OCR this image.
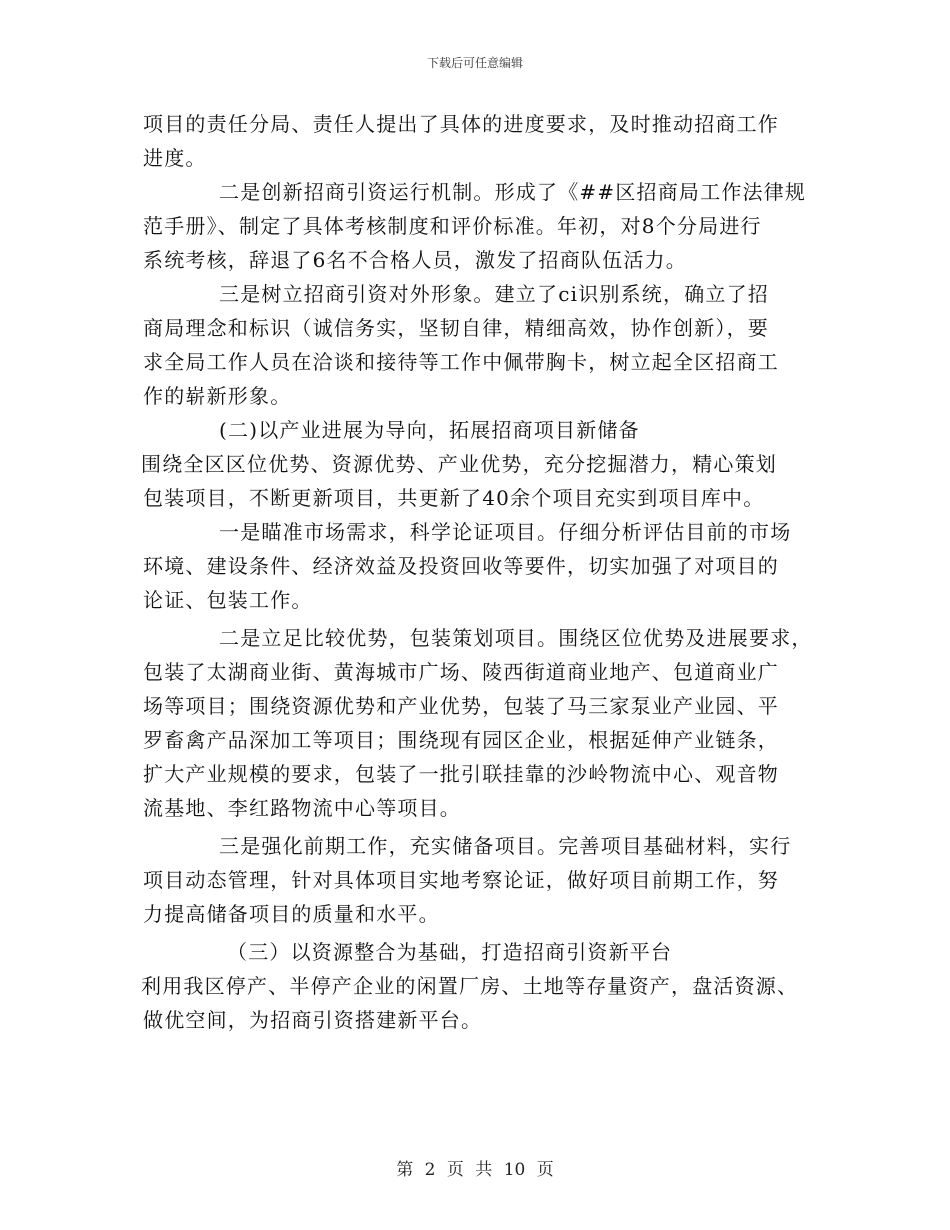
下载后可任意编辑
项目的责任分局、责任人提出了具体的进度要求，及时推动招商工作
进度。
二是创新招商引资运行机制。形成了《##区招商局工作法律规
范手册》、制定了具体考核制度和评价标准。年初，对8个分局进行
系统考核，辞退了6名不合格人员，激发了招商队伍活力。
三是树立招商引资对外形象。建立了ci识别系统，确立了招
商局理念和标识（诚信务实，坚韧自律，精细高效，协作创新），要
求全局工作人员在洽谈和接待等工作中佩带胸卡，树立起全区招商工
作的崭新形象。
(二)以产业进展为导向，拓展招商项目新储备
围绕全区区位优势、资源优势、产业优势，充分挖掘潜力，精心策划
包装项目，不断更新项目，共更新了40余个项目充实到项目库中。
一是瞄准市场需求，科学论证项目。仔细分析评估目前的市场
环境、建设条件、经济效益及投资回收等要件，切实加强了对项目的
论证、包装工作。
二是立足比较优势，包装策划项目。围绕区位优势及进展要求，
包装了太湖商业街、黄海城市广场、陵西街道商业地产、包道商业广
场等项目；围绕资源优势和产业优势，包装了马三家泵业产业园、平
罗畜禽产品深加工等项目；围绕现有园区企业，根据延伸产业链条，
扩大产业规模的要求，包装了一批引联挂靠的沙岭物流中心、观音物
流基地、李红路物流中心等项目。
三是强化前期工作，充实储备项目。完善项目基础材料，实行
项目动态管理，针对具体项目实地考察论证，做好项目前期工作，努
力提高储备项目的质量和水平。
（三）以资源整合为基础，打造招商引资新平台
利用我区停产、半停产企业的闲置厂房、土地等存量资产，盘活资源、
做优空间，为招商引资搭建新平台。
第 2 页 共 10 页
